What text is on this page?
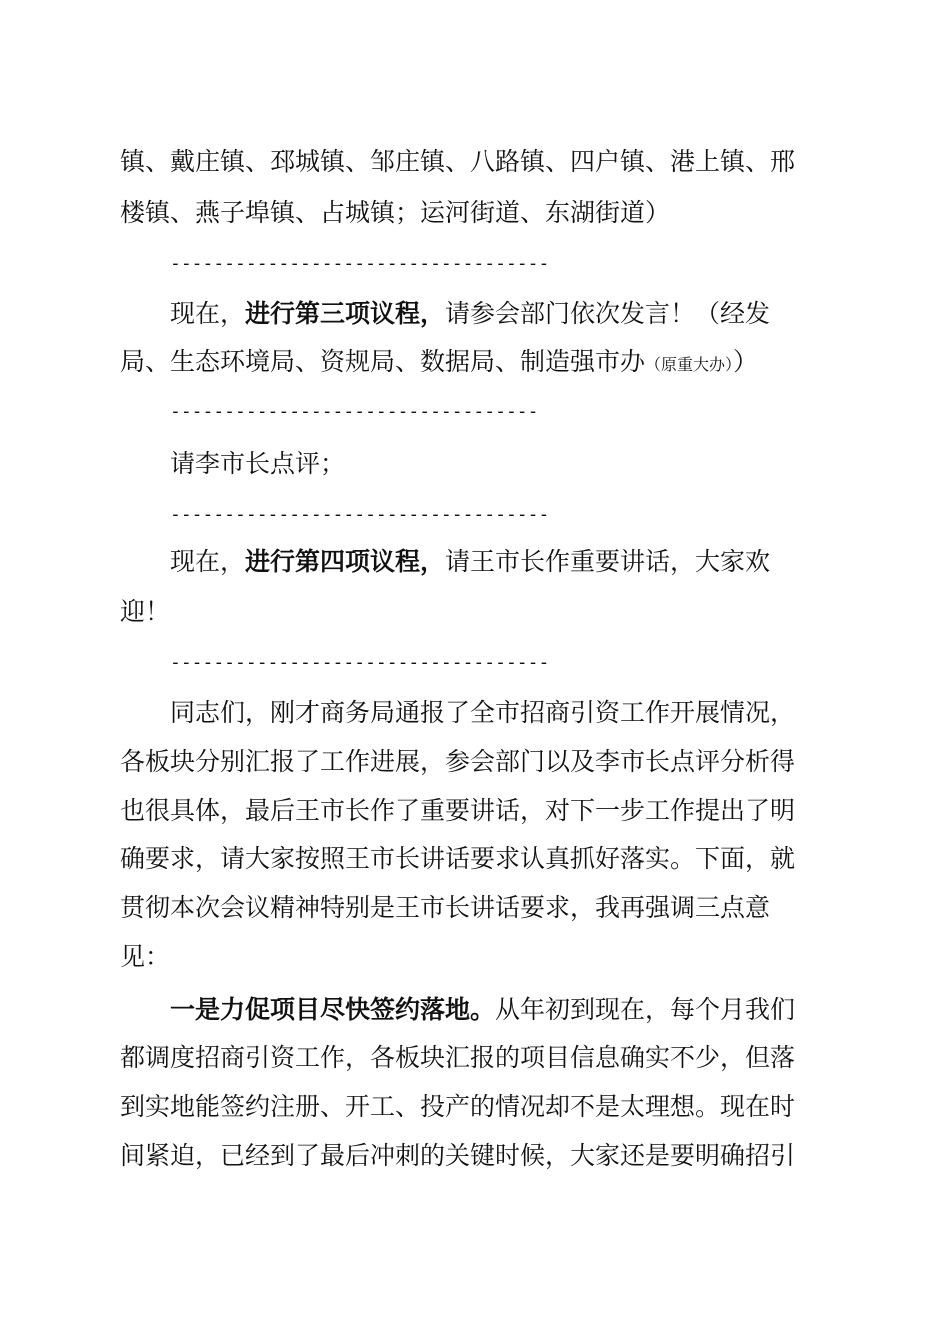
镇、戴庄镇、邳城镇、邹庄镇、八路镇、四户镇、港上镇、邢
楼镇、燕子埠镇、占城镇；运河街道、东湖街道）
-----------------------------------
现在，进行第三项议程，请参会部门依次发言！（经发
局、生态环境局、资规局、数据局、制造强市办（原重大办））
----------------------------------
请李市长点评；
-----------------------------------
现在，进行第四项议程，请王市长作重要讲话，大家欢
迎！
-----------------------------------
同志们，刚才商务局通报了全市招商引资工作开展情况，
各板块分别汇报了工作进展，参会部门以及李市长点评分析得
也很具体，最后王市长作了重要讲话，对下一步工作提出了明
确要求，请大家按照王市长讲话要求认真抓好落实。下面，就
贯彻本次会议精神特别是王市长讲话要求，我再强调三点意
见：
一是力促项目尽快签约落地。从年初到现在，每个月我们
都调度招商引资工作，各板块汇报的项目信息确实不少，但落
到实地能签约注册、开工、投产的情况却不是太理想。现在时
间紧迫，已经到了最后冲刺的关键时候，大家还是要明确招引
